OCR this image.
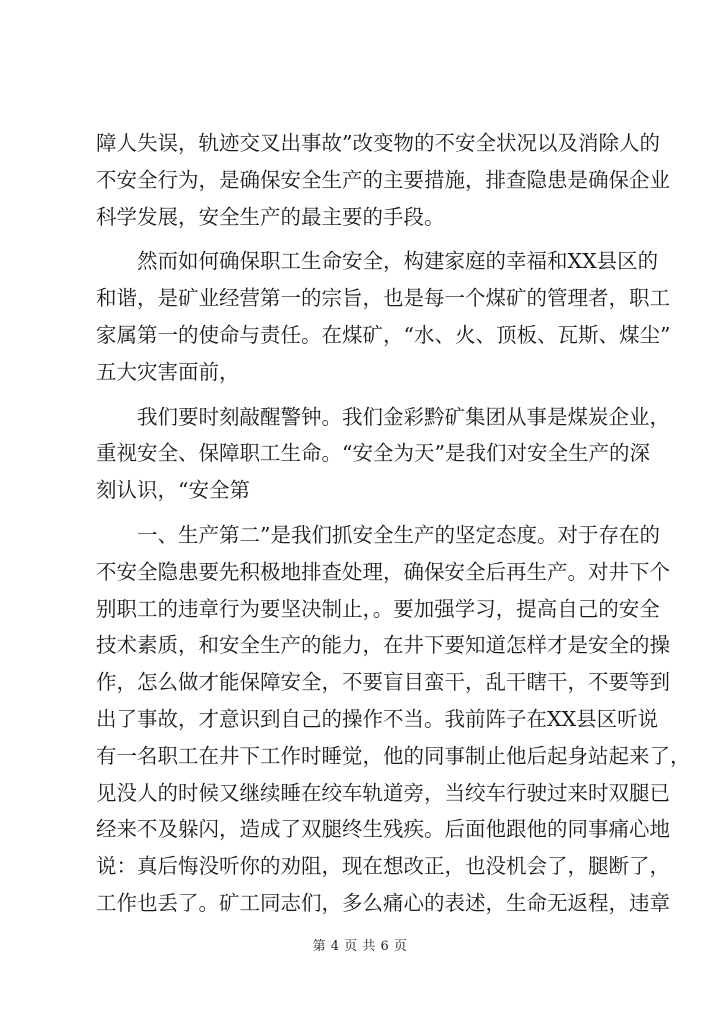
障人失误，轨迹交叉出事故”改变物的不安全状况以及消除人的
不安全行为，是确保安全生产的主要措施，排查隐患是确保企业
科学发展，安全生产的最主要的手段。
然而如何确保职工生命安全，构建家庭的幸福和XX县区的
和谐，是矿业经营第一的宗旨，也是每一个煤矿的管理者，职工
家属第一的使命与责任。在煤矿，“水、火、顶板、瓦斯、煤尘”
五大灾害面前，
我们要时刻敲醒警钟。我们金彩黔矿集团从事是煤炭企业，
重视安全、保障职工生命。“安全为天”是我们对安全生产的深
刻认识，“安全第
一、生产第二”是我们抓安全生产的坚定态度。对于存在的
不安全隐患要先积极地排查处理，确保安全后再生产。对井下个
别职工的违章行为要坚决制止，。要加强学习，提高自己的安全
技术素质，和安全生产的能力，在井下要知道怎样才是安全的操
作，怎么做才能保障安全，不要盲目蛮干，乱干瞎干，不要等到
出了事故，才意识到自己的操作不当。我前阵子在XX县区听说
有一名职工在井下工作时睡觉，他的同事制止他后起身站起来了，
见没人的时候又继续睡在绞车轨道旁，当绞车行驶过来时双腿已
经来不及躲闪，造成了双腿终生残疾。后面他跟他的同事痛心地
说：真后悔没听你的劝阻，现在想改正，也没机会了，腿断了，
工作也丢了。矿工同志们，多么痛心的表述，生命无返程，违章
第 4 页 共 6 页
